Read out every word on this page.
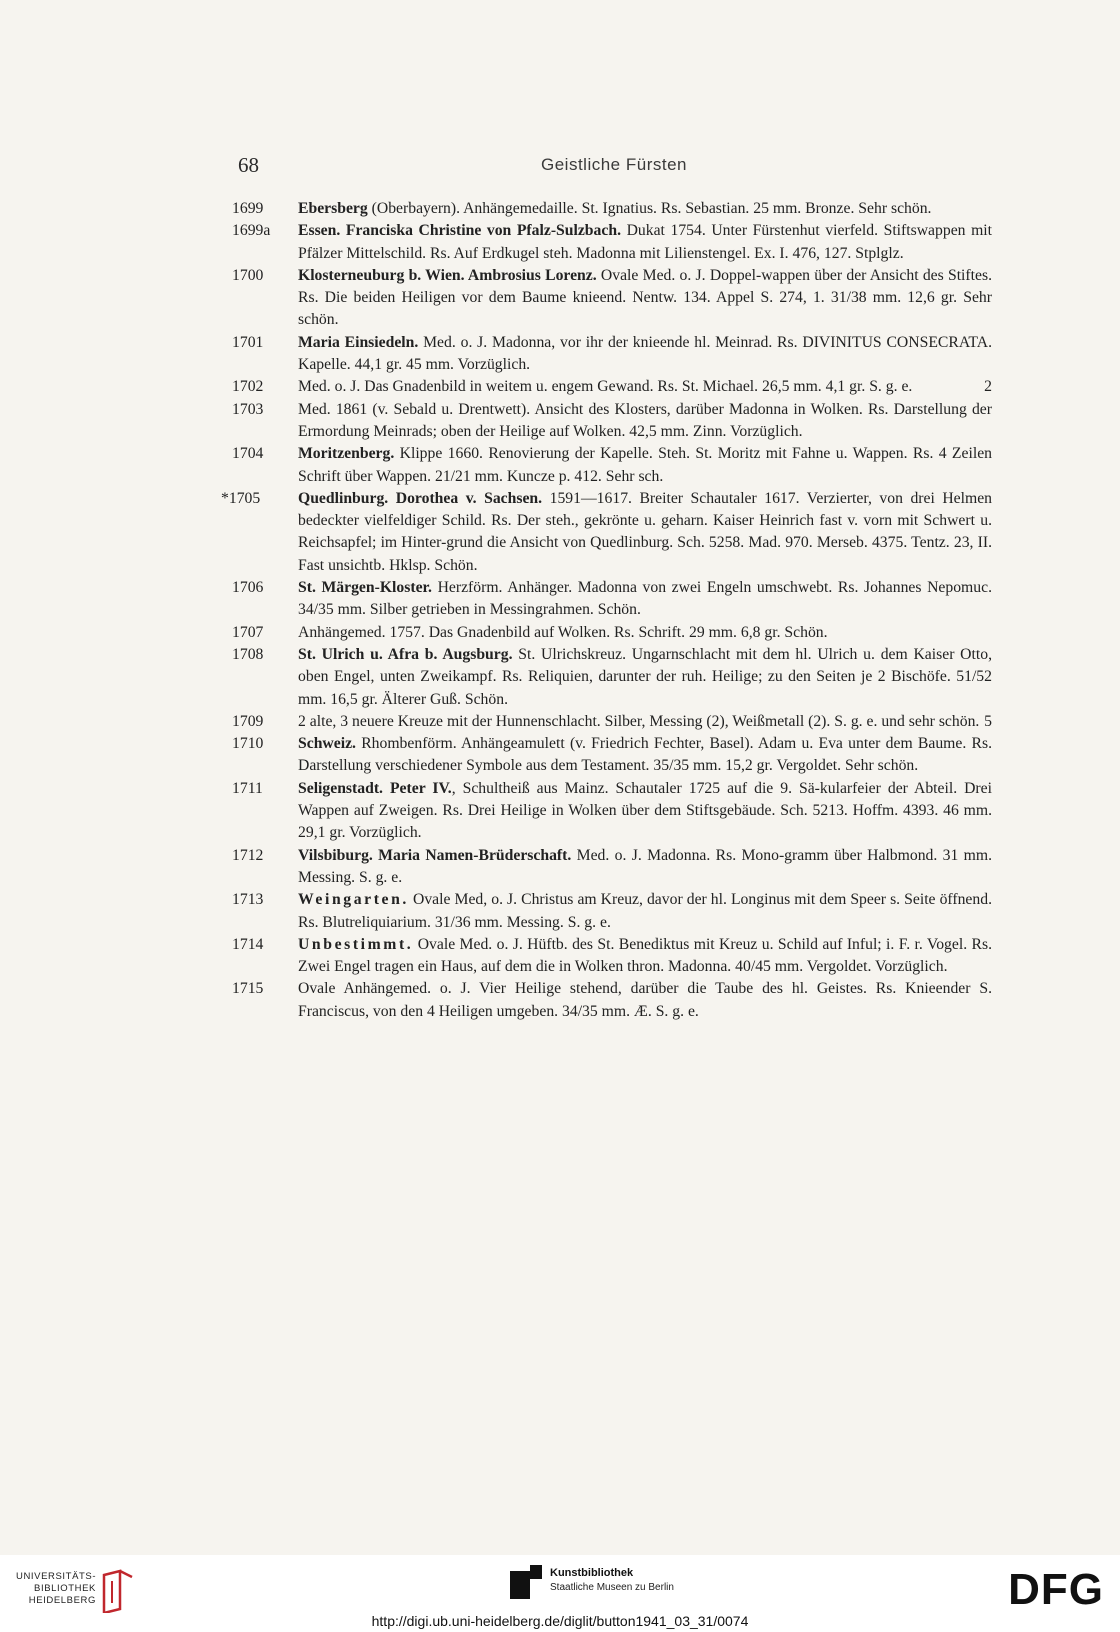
68	Geistliche Fürsten
1699	Ebersberg (Oberbayern). Anhängemedaille. St. Ignatius. Rs. Sebastian. 25 mm. Bronze. Sehr schön.
1699a	Essen. Franciska Christine von Pfalz-Sulzbach. Dukat 1754. Unter Fürstenhut vierfeld. Stiftswappen mit Pfälzer Mittelschild. Rs. Auf Erdkugel steh. Madonna mit Lilienstengel. Ex. I. 476, 127. Stplglz.
1700	Klosterneuburg b. Wien. Ambrosius Lorenz. Ovale Med. o. J. Doppel-wappen über der Ansicht des Stiftes. Rs. Die beiden Heiligen vor dem Baume knieend. Nentw. 134. Appel S. 274, 1. 31/38 mm. 12,6 gr. Sehr schön.
1701	Maria Einsiedeln. Med. o. J. Madonna, vor ihr der knieende hl. Meinrad. Rs. DIVINITUS CONSECRATA. Kapelle. 44,1 gr. 45 mm. Vorzüglich.
1702	Med. o. J. Das Gnadenbild in weitem u. engem Gewand. Rs. St. Michael. 26,5 mm. 4,1 gr. S. g. e.	2
1703	Med. 1861 (v. Sebald u. Drentwett). Ansicht des Klosters, darüber Madonna in Wolken. Rs. Darstellung der Ermordung Meinrads; oben der Heilige auf Wolken. 42,5 mm. Zinn. Vorzüglich.
1704	Moritzenberg. Klippe 1660. Renovierung der Kapelle. Steh. St. Moritz mit Fahne u. Wappen. Rs. 4 Zeilen Schrift über Wappen. 21/21 mm. Kuncze p. 412. Sehr sch.
*1705	Quedlinburg. Dorothea v. Sachsen. 1591—1617. Breiter Schautaler 1617. Verzierter, von drei Helmen bedeckter vielfeldiger Schild. Rs. Der steh., gekrönte u. geharn. Kaiser Heinrich fast v. vorn mit Schwert u. Reichsapfel; im Hinter-grund die Ansicht von Quedlinburg. Sch. 5258. Mad. 970. Merseb. 4375. Tentz. 23, II. Fast unsichtb. Hklsp. Schön.
1706	St. Märgen-Kloster. Herzförm. Anhänger. Madonna von zwei Engeln umschwebt. Rs. Johannes Nepomuc. 34/35 mm. Silber getrieben in Messingrahmen. Schön.
1707	Anhängemed. 1757. Das Gnadenbild auf Wolken. Rs. Schrift. 29 mm. 6,8 gr. Schön.
1708	St. Ulrich u. Afra b. Augsburg. St. Ulrichskreuz. Ungarnschlacht mit dem hl. Ulrich u. dem Kaiser Otto, oben Engel, unten Zweikampf. Rs. Reliquien, darunter der ruh. Heilige; zu den Seiten je 2 Bischöfe. 51/52 mm. 16,5 gr. Älterer Guß. Schön.
1709	2 alte, 3 neuere Kreuze mit der Hunnenschlacht. Silber, Messing (2), Weißmetall (2). S. g. e. und sehr schön. 5
1710	Schweiz. Rhombenförm. Anhängeamulett (v. Friedrich Fechter, Basel). Adam u. Eva unter dem Baume. Rs. Darstellung verschiedener Symbole aus dem Testament. 35/35 mm. 15,2 gr. Vergoldet. Sehr schön.
1711	Seligenstadt. Peter IV., Schultheiß aus Mainz. Schautaler 1725 auf die 9. Sä-kularfeier der Abteil. Drei Wappen auf Zweigen. Rs. Drei Heilige in Wolken über dem Stiftsgebäude. Sch. 5213. Hoffm. 4393. 46 mm. 29,1 gr. Vorzüglich.
1712	Vilsbiburg. Maria Namen-Brüderschaft. Med. o. J. Madonna. Rs. Mono-gramm über Halbmond. 31 mm. Messing. S. g. e.
1713	Weingarten. Ovale Med, o. J. Christus am Kreuz, davor der hl. Longinus mit dem Speer s. Seite öffnend. Rs. Blutreliquiarium. 31/36 mm. Messing. S. g. e.
1714	Unbestimmt. Ovale Med. o. J. Hüftb. des St. Benediktus mit Kreuz u. Schild auf Inful; i. F. r. Vogel. Rs. Zwei Engel tragen ein Haus, auf dem die in Wolken thron. Madonna. 40/45 mm. Vergoldet. Vorzüglich.
1715	Ovale Anhängemed. o. J. Vier Heilige stehend, darüber die Taube des hl. Geistes. Rs. Knieender S. Franciscus, von den 4 Heiligen umgeben. 34/35 mm. Æ. S. g. e.
UNIVERSITÄTS-
BIBLIOTHEK
HEIDELBERG
Kunstbibliothek
Staatliche Museen zu Berlin	DFG
http://digi.ub.uni-heidelberg.de/diglit/button1941_03_31/0074
